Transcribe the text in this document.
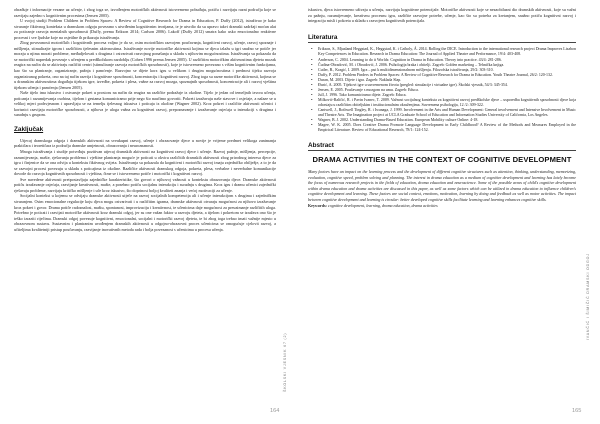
obrađuje i informacije vezane uz učenje, i zbog toga se, izvođenjem motoričkih aktivnosti istovremeno pobuđuju, potiču i razvijaju razni područja koje se razvijaju zajedno s kognitivnim procesima (Jensen 2005).

U svojoj studiji Problem Children in Problem Spaces: A Review of Cognitive Research for Drama in Education, P. Duffy (2012), istraživao je kako stvaranje fiktivnog konteksta u dramskom odgoju povezano s utvrđenim kognitivnim teorijama, te je utvrdio da su upravo takvi dramski sadržaji moćan alat za poticanje razvoja mentalnih sposobnosti (Duffy, prema Erikson 2014; Carlson 2006). Lakoff (Duffy 2012) smatra kako usko emocionalno reaktivne procesni i sve ljudske koje na osjetilne ih prikazuju istraživanja.

Zbog povezanosti motoričkih i kognitivnih procesa valjno je da se, osim motoričkim razvojem poučavanja, kognitivni razvoj, učenje, razvoj spoznaje i mišljenja, stimulirajte igrom i različitim tjelesnim aktivnostima. Istraživanje novije motoričke aktivnosti kojima se djeca izlažu u igri snažno se potiče jer moraju u njima morati probleme, međudjelovati s drugima i ostvarivati razvojnog ponašanja u skladu s njihovim mogućnostima. Istraživanja su pokazala da se motorički napredak povezuje s učenjem u predškolskom razdoblju (Cohen 1996 prema Jensen 2005). U različitim motoričkim aktivnostima djeteta mozak reagira na način da se aktiviraju različiti centri (stimuliranje razvoja motoričkih sposobnosti), koje je istovremeno povezano s višim kognitivnim funkcijama, kao što su planiranje, organiziranje, pažnja i pamćenje. Razvojno se dijete korz igru u velikom i drugim mogućnostima i prednost tijeku razvoja organiziranog pokreta, ono na taj način razvija i kognitivne sposobnosti, koncentraciju i kognitivni razvoj. Zbog toga su razne motoričke aktivnosti, kojima se u dramskim aktivnostima događaju tijekom igre, izvedbe, pokreta i plesa, važne za razvoj mozga, spoznajnih sposobnosti, koncentracije ali i razvoj vještina tijekom učenja i pamćenja (Jensen 2005).

Naše tijelo ima iskustvo i ostvaruje pokret u prostoru na način da reagira na različite podražaje iz okoline. Tijelo je jedan od temeljnih izvora učenja, poticanja i razumijevanja osobina, tijelom i gestama komuniciramo prije nego što naučimo govoriti. Pokreti izražavaju naše stavove i osjećaje, a nalaze se u velikoj mjeri podsvjesnom i upravljaju se na temelju tjelesnog iskustva i poticaja iz okoline (Wagner 2002). Kroz pokret i različite aktivnosti učenici i korisnici razvijaju motoričke sposobnosti, a njihova je uloga važna za kognitivni razvoj, prepoznavanje i izražavanje osjećaja u interakciji s drugima i suradnju s grupom.

Zaključak

Utjecaj dramskoga odgoja i dramskih aktivnosti na sveukupni razvoj, učenje i obrazovanje djece u novije je vrijeme predmet velikoga zanimanja praktičara i teoretičara iz područja dramske umjetnosti, obrazovanja i neuroznanosti.

Mnoga istraživanja i studije potvrđuju pozitivan utjecaj dramskih aktivnosti na kognitivni razvoj djece i učenje. Razvoj pažnje, mišljenja, percepcije, razumijevanja, mašte, rješavanja problema i vještine planiranja moguće je poticati u okviru različitih dramskih aktivnosti zbog prirodnog interesa djece za igru i činjenice da se ona odvija u kontekstu fiktivnog svijeta. Istraživanja su pokazala da kognitivni i motorički razvoj imaju zajedničko obilježje, a to je da se razvojni procesi povezuju u skladu s poticajima iz okoline. Različite aktivnosti dramskog odgoja, pokreta, plesa, verbalne i neverbalne komunikacije dovode do razvoja kognitivnih sposobnosti i vještina, čime se i istovremeno potiče i motorički i kognitivni razvoj.

Sve navedene aktivnosti pretpostavljaju zajedničke karakteristike, što govori o njihovoj važnosti u kontekstu obrazovanja djece. Dramske aktivnosti potiču izražavanje osjećaja, razvijanje kreativnosti, mašte, a posebno potiču socijalnu interakciju i suradnju s drugima. Kroz igru i dramu učenici zajednički rješavaju probleme, razvijaju kritičko mišljenje i uče kroz iskustvo, što doprinosi boljoj kvaliteti znanja i većoj motivaciji za učenje.

Socijalni kontekst u kojemu se odvijaju dramske aktivnosti utječe na razvoj socijalnih kompetencija ali i učenje interakcijom s drugima i zajedničkim stvaranjem. Osim emocionalne regulacije koju djeca mogu ostvarivati i u različitim igrama, dramske aktivnosti otvaraju mogućnost za njihovo izražavanje kroz pokret i govor. Drama potiče radoznalost, maštu, spontanost, improvizaciju i kreativnost, te učenicima daje mogućnost za preuzimanje različitih uloga. Potrebno je poticati i razvijati motoričke aktivnosti kroz dramski odgoj, jer su one važan faktor u razvoju djeteta, a tijelom i pokretom se izražava ono što je teško izraziti riječima. Dramski odgoj povezuje kognitivni, emocionalni, socijalni i motorički razvoj djeteta, te bi zbog toga trebao imati važnije mjesto u obrazovnom sustavu. Sustavnim i planiranim uvođenjem dramskih aktivnosti u odgojno-obrazovni proces učenicima se omogućuje cjelovit razvoj, a učiteljima kvalitetniji pristup poučavanju, razvijanje inovativnih metoda rada i bolja povezanost s učenicima u procesu učenja.

ŠKOLSKI VJESNIK 67 (2)
164

iskustva, djeca istovremeno uživaju u učenju, razvijaju kognitivne potencijale. Motoričke aktivnosti koje se nezaobilazni dio dramskih aktivnosti, koje su važni za pažnju, razumijevanje, kreativnu procesnu igru, različite razvojne potrebe, učenje, kao što su potreba za kretanjem, snažno potiču kognitivni razvoj i integraciju misli i pokreta u skladu s razvojem kognitivnih potencijala.

Literatura

• Erikson, S., Mjaaland Heggstad, K., Heggstad, K. i Cziboly, Á. 2014. Rolling the DICE. Introduction to the international research project Drama Improves Lisabon Key Competences in Education. Research in Drama Education: The Journal of Applied Theatre and Performance, 19/4: 403-408.
• Anderson, C. 2004. Learning to do it Worlds: Cognition in Drama in Education. Theory into practice. 43/4: 281-286.
• Čudina-Obradović, M. i Obradović, J. 2006. Psihologija braka i obitelji. Zagreb: Golden marketing – Tehnička knjiga.
• Cutler, B., Kragić, I. 2009. Igra – put k multidimenzionalnom mišljenju. Filozofska istraživanja, 29/2: 303-310.
• Duffy, P. 2012. Problem Finders in Problem Spaces: A Review of Cognitive Research for Drama in Education. Youth Theatre Journal, 26/2: 120-132.
• Duran, M. 2003. Dijete i igra. Zagreb: Naklada Slap.
• Đurić, A. 2005. Tijekovi igre u suvremenom životu (pregled: simulacije i virtualne igre). Školski vjesnik, 54/3: 345-354.
• Jensen, E. 2005. Poučavanje s mozgom na umu. Zagreb: Educa.
• Jull, J. 1996. Tako komuniciramo dijete. Zagreb: Educa.
• Milković-Raličić, R. i Pavin Ivanec, T. 2009. Važnost socijalnog konteksta za kognitivni razvoj predškolske djece – usporedba kognitivnih sposobnosti djece koja odrastaju u različitim obiteljskim i institucionalnim okruženjima. Suvremena psihologija, 12 /2: 309-322.
• Cantwell, J., Rothwell Tingley, R. i Iwanaga, J. 1999. Involvement in the Arts and Human Development: General involvement and Intensive Involvement in Music and Theatre Arts. The Imagination project at UCLA Graduate School of Education and Information Studies University of California, Los Angeles.
• Wagner, B. J. 2002. Understanding Drama-Based Education. European Mobility culture Online: 4-18.
• Magee, W. K. 2005. Does Creative Drama Promote Language Development in Early Childhood? A Review of the Methods and Measures Employed in the Empirical Literature. Review of Educational Research, 78/1: 124-152.

Abstract

DRAMA ACTIVITIES IN THE CONTEXT OF COGNITIVE DEVELOPMENT

Many factors have an impact on the learning process and the development of different cognitive structures such as attention, thinking, understanding, memorizing, evaluation, cognitive speed, problem solving and planning. The interest in drama education as a medium of cognitive development and learning has lately become the focus of numerous research projects in the fields of education, drama education and neuroscience. Some of the possible areas of child's cognitive development within drama education and drama activities are discussed in this paper, as well as some factors which can be utilized in drama education to influence children's cognitive development and learning. These factors are social context, emotions, motivation, learning by doing and feedback as well as motor activities. The impact between cognitive development and learning is circular: better developed cognitive skills facilitate learning and learning enhances cognitive skills.

Keywords: cognitive development, learning, drama education, drama activities

IVANČIĆ I ŠIMIČIĆ DRAMSKI ODGOJ
165
